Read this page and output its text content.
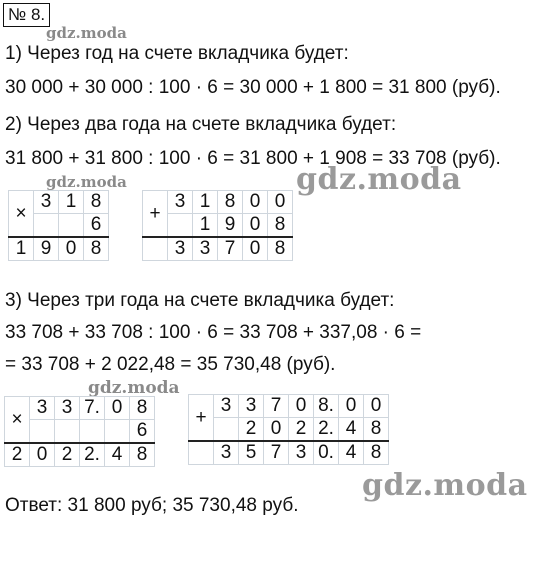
№ 8.
gdz.moda
1) Через год на счете вкладчика будет:
30 000 + 30 000 : 100 · 6 = 30 000 + 1 800 = 31 800 (руб).
2) Через два года на счете вкладчика будет:
31 800 + 31 800 : 100 · 6 = 31 800 + 1 908 = 33 708 (руб).
gdz.moda
×	3	1	8
			6
1	9	0	8
+	3	1	8	0	0
		1	9	0	8
	3	3	7	0	8
gdz.moda
3) Через три года на счете вкладчика будет:
33 708 + 33 708 : 100 · 6 = 33 708 + 337,08 · 6 =
= 33 708 + 2 022,48 = 35 730,48 (руб).
gdz.moda
×	3	3	7.	0	8
					6
2	0	2	2.	4	8
+	3	3	7	0	8.	0	0
		2	0	2	2.	4	8
	3	5	7	3	0.	4	8
gdz.moda
Ответ: 31 800 руб; 35 730,48 руб.
